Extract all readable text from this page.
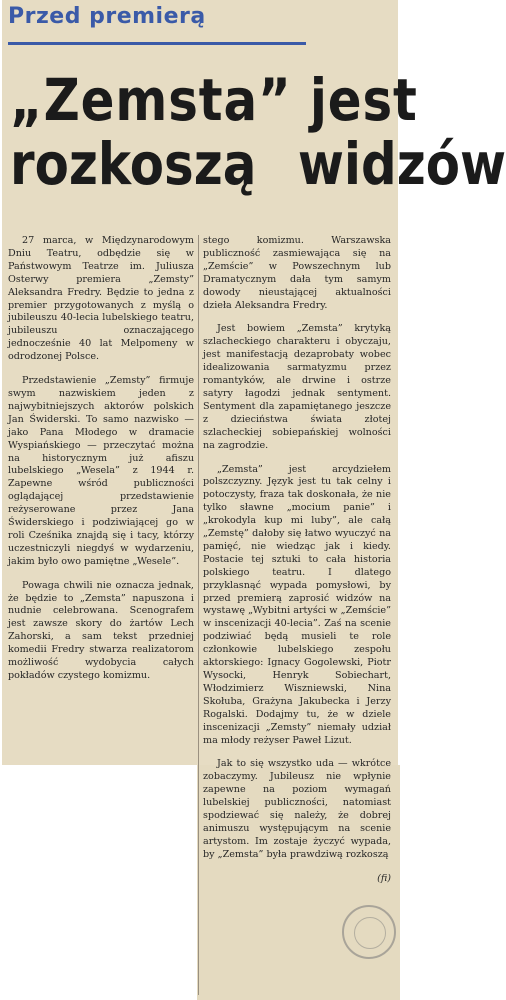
Przed premierą
„Zemsta” jest
rozkoszą widzów

27 marca, w Międzynarodowym Dniu Teatru, odbędzie się w Państwowym Teatrze im. Juliusza Osterwy premiera „Zemsty” Aleksandra Fredry. Będzie to jedna z premier przygotowanych z myślą o jubileuszu 40-lecia lubelskiego teatru, jubileuszu oznaczającego jednocześnie 40 lat Melpomeny w odrodzonej Polsce.

Przedstawienie „Zemsty” firmuje swym nazwiskiem jeden z najwybitniejszych aktorów polskich Jan Świderski. To samo nazwisko — jako Pana Młodego w dramacie Wyspiańskiego — przeczytać można na historycznym już afiszu lubelskiego „Wesela” z 1944 r. Zapewne wśród publiczności oglądającej przedstawienie reżyserowane przez Jana Świderskiego i podziwiającej go w roli Cześnika znajdą się i tacy, którzy uczestniczyli niegdyś w wydarzeniu, jakim było owo pamiętne „Wesele”.

Powaga chwili nie oznacza jednak, że będzie to „Zemsta” napuszona i nudnie celebrowana. Scenografem jest zawsze skory do żartów Lech Zahorski, a sam tekst przedniej komedii Fredry stwarza realizatorom możliwość wydobycia całych pokładów czystego komizmu.

stego komizmu. Warszawska publiczność zasmiewająca się na „Zemście” w Powszechnym lub Dramatycznym dała tym samym dowody nieustającej aktualności dzieła Aleksandra Fredry.

Jest bowiem „Zemsta” krytyką szlacheckiego charakteru i obyczaju, jest manifestacją dezaprobaty wobec idealizowania sarmatyzmu przez romantyków, ale drwine i ostrze satyry łagodzi jednak sentyment. Sentyment dla zapamiętanego jeszcze z dzieciństwa świata złotej szlacheckiej sobiepańskiej wolności na zagrodzie.

„Zemsta” jest arcydziełem polszczyzny. Język jest tu tak celny i potoczysty, fraza tak doskonała, że nie tylko sławne „mocium panie” i „krokodyla kup mi luby”, ale całą „Zemstę” dałoby się łatwo wyuczyć na pamięć, nie wiedząc jak i kiedy. Postacie tej sztuki to cała historia polskiego teatru. I dlatego przyklasnąć wypada pomysłowi, by przed premierą zaprosić widzów na wystawę „Wybitni artyści w „Zemście” w inscenizacji 40-lecia”. Zaś na scenie podziwiać będą musieli te role członkowie lubelskiego zespołu aktorskiego: Ignacy Gogolewski, Piotr Wysocki, Henryk Sobiechart, Włodzimierz Wiszniewski, Nina Skołuba, Grażyna Jakubecka i Jerzy Rogalski. Dodajmy tu, że w dziele inscenizacji „Zemsty” niemały udział ma młody reżyser Paweł Lizut.

Jak to się wszystko uda — wkrótce zobaczymy. Jubileusz nie wpłynie zapewne na poziom wymagań lubelskiej publiczności, natomiast spodziewać się należy, że dobrej animuszu występującym na scenie artystom. Im zostaje życzyć wypada, by „Zemsta” była prawdziwą rozkoszą

(fi)
